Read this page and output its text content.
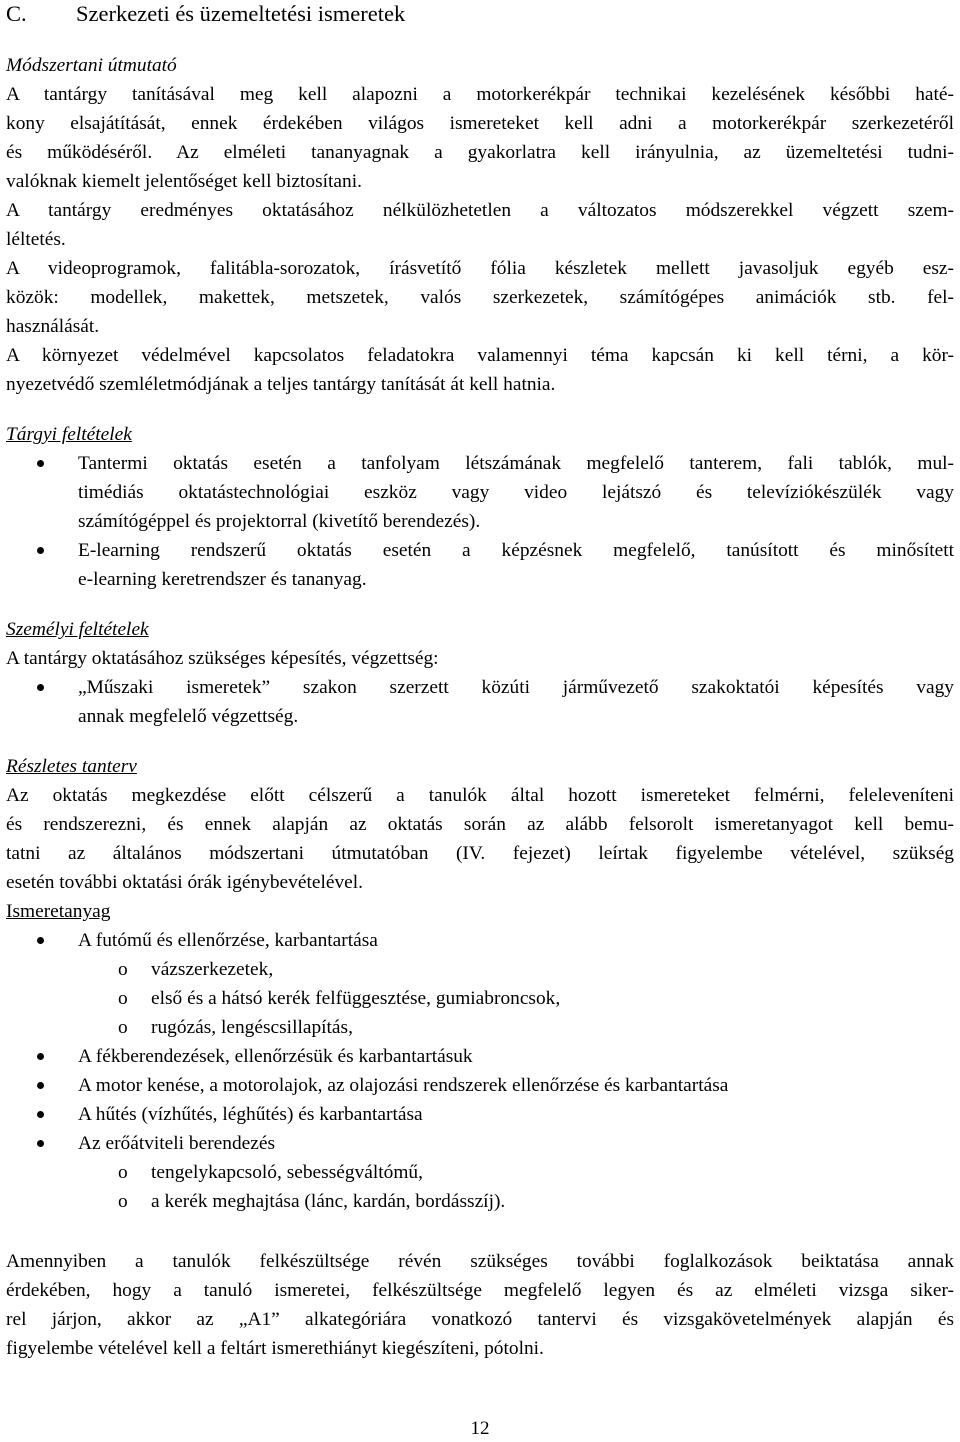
C. Szerkezeti és üzemeltetési ismeretek

Módszertani útmutató

A tantárgy tanításával meg kell alapozni a motorkerékpár technikai kezelésének későbbi haté-
kony elsajátítását, ennek érdekében világos ismereteket kell adni a motorkerékpár szerkezetéről
és működéséről. Az elméleti tananyagnak a gyakorlatra kell irányulnia, az üzemeltetési tudni-
valóknak kiemelt jelentőséget kell biztosítani.
A tantárgy eredményes oktatásához nélkülözhetetlen a változatos módszerekkel végzett szem-
léltetés.
A videoprogramok, falitábla-sorozatok, írásvetítő fólia készletek mellett javasoljuk egyéb esz-
közök: modellek, makettek, metszetek, valós szerkezetek, számítógépes animációk stb. fel-
használását.
A környezet védelmével kapcsolatos feladatokra valamennyi téma kapcsán ki kell térni, a kör-
nyezetvédő szemléletmódjának a teljes tantárgy tanítását át kell hatnia.

Tárgyi feltételek

Tantermi oktatás esetén a tanfolyam létszámának megfelelő tanterem, fali tablók, mul-
timédiás oktatástechnológiai eszköz vagy video lejátszó és televíziókészülék vagy
számítógéppel és projektorral (kivetítő berendezés).
E-learning rendszerű oktatás esetén a képzésnek megfelelő, tanúsított és minősített
e-learning keretrendszer és tananyag.

Személyi feltételek

A tantárgy oktatásához szükséges képesítés, végzettség:

„Műszaki ismeretek” szakon szerzett közúti járművezető szakoktatói képesítés vagy
annak megfelelő végzettség.

Részletes tanterv

Az oktatás megkezdése előtt célszerű a tanulók által hozott ismereteket felmérni, feleleveníteni
és rendszerezni, és ennek alapján az oktatás során az alább felsorolt ismeretanyagot kell bemu-
tatni az általános módszertani útmutatóban (IV. fejezet) leírtak figyelembe vételével, szükség
esetén további oktatási órák igénybevételével.

Ismeretanyag

A futómű és ellenőrzése, karbantartása
o vázszerkezetek,
o első és a hátsó kerék felfüggesztése, gumiabroncsok,
o rugózás, lengéscsillapítás,
A fékberendezések, ellenőrzésük és karbantartásuk
A motor kenése, a motorolajok, az olajozási rendszerek ellenőrzése és karbantartása
A hűtés (vízhűtés, léghűtés) és karbantartása
Az erőátviteli berendezés
o tengelykapcsoló, sebességváltómű,
o a kerék meghajtása (lánc, kardán, bordásszíj).
Amennyiben a tanulók felkészültsége révén szükséges további foglalkozások beiktatása annak
érdekében, hogy a tanuló ismeretei, felkészültsége megfelelő legyen és az elméleti vizsga siker-
rel járjon, akkor az „A1” alkategóriára vonatkozó tantervi és vizsgakövetelmények alapján és
figyelembe vételével kell a feltárt ismerethiányt kiegészíteni, pótolni.
12
